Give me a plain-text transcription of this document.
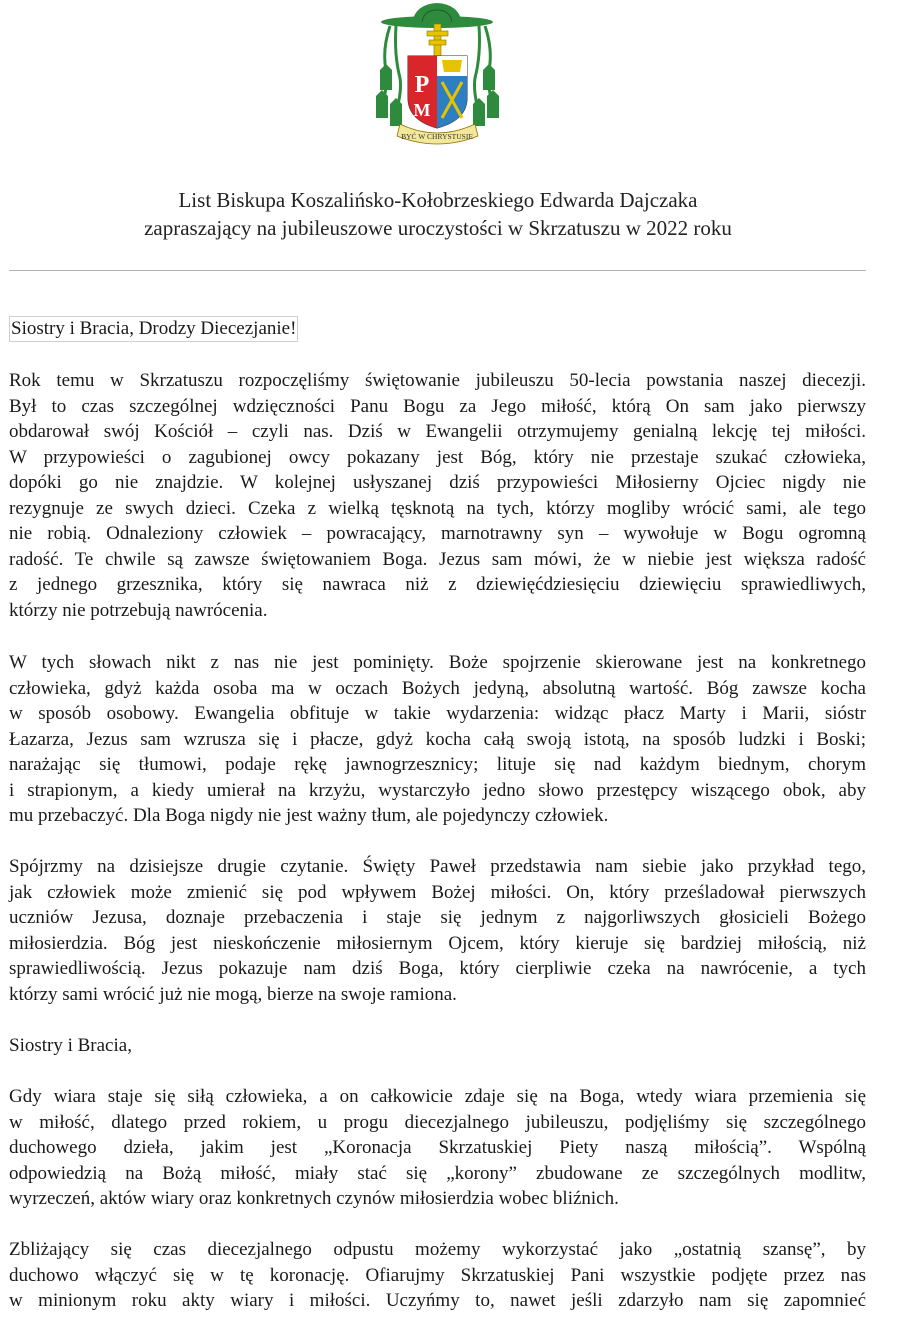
P
M
BYĆ W CHRYSTUSIE
List Biskupa Koszalińsko-Kołobrzeskiego Edwarda Dajczaka
zapraszający na jubileuszowe uroczystości w Skrzatuszu w 2022 roku
Siostry i Bracia, Drodzy Diecezjanie!
Rok temu w Skrzatuszu rozpoczęliśmy świętowanie jubileuszu 50-lecia powstania naszej diecezji.
Był to czas szczególnej wdzięczności Panu Bogu za Jego miłość, którą On sam jako pierwszy
obdarował swój Kościół – czyli nas. Dziś w Ewangelii otrzymujemy genialną lekcję tej miłości.
W przypowieści o zagubionej owcy pokazany jest Bóg, który nie przestaje szukać człowieka,
dopóki go nie znajdzie. W kolejnej usłyszanej dziś przypowieści Miłosierny Ojciec nigdy nie
rezygnuje ze swych dzieci. Czeka z wielką tęsknotą na tych, którzy mogliby wrócić sami, ale tego
nie robią. Odnaleziony człowiek – powracający, marnotrawny syn – wywołuje w Bogu ogromną
radość. Te chwile są zawsze świętowaniem Boga. Jezus sam mówi, że w niebie jest większa radość
z jednego grzesznika, który się nawraca niż z dziewięćdziesięciu dziewięciu sprawiedliwych,
którzy nie potrzebują nawrócenia.
W tych słowach nikt z nas nie jest pominięty. Boże spojrzenie skierowane jest na konkretnego
człowieka, gdyż każda osoba ma w oczach Bożych jedyną, absolutną wartość. Bóg zawsze kocha
w sposób osobowy. Ewangelia obfituje w takie wydarzenia: widząc płacz Marty i Marii, sióstr
Łazarza, Jezus sam wzrusza się i płacze, gdyż kocha całą swoją istotą, na sposób ludzki i Boski;
narażając się tłumowi, podaje rękę jawnogrzesznicy; lituje się nad każdym biednym, chorym
i strapionym, a kiedy umierał na krzyżu, wystarczyło jedno słowo przestępcy wiszącego obok, aby
mu przebaczyć. Dla Boga nigdy nie jest ważny tłum, ale pojedynczy człowiek.
Spójrzmy na dzisiejsze drugie czytanie. Święty Paweł przedstawia nam siebie jako przykład tego,
jak człowiek może zmienić się pod wpływem Bożej miłości. On, który prześladował pierwszych
uczniów Jezusa, doznaje przebaczenia i staje się jednym z najgorliwszych głosicieli Bożego
miłosierdzia. Bóg jest nieskończenie miłosiernym Ojcem, który kieruje się bardziej miłością, niż
sprawiedliwością. Jezus pokazuje nam dziś Boga, który cierpliwie czeka na nawrócenie, a tych
którzy sami wrócić już nie mogą, bierze na swoje ramiona.
Siostry i Bracia,
Gdy wiara staje się siłą człowieka, a on całkowicie zdaje się na Boga, wtedy wiara przemienia się
w miłość, dlatego przed rokiem, u progu diecezjalnego jubileuszu, podjęliśmy się szczególnego
duchowego dzieła, jakim jest „Koronacja Skrzatuskiej Piety naszą miłością”. Wspólną
odpowiedzią na Bożą miłość, miały stać się „korony” zbudowane ze szczególnych modlitw,
wyrzeczeń, aktów wiary oraz konkretnych czynów miłosierdzia wobec bliźnich.
Zbliżający się czas diecezjalnego odpustu możemy wykorzystać jako „ostatnią szansę”, by
duchowo włączyć się w tę koronację. Ofiarujmy Skrzatuskiej Pani wszystkie podjęte przez nas
w minionym roku akty wiary i miłości. Uczyńmy to, nawet jeśli zdarzyło nam się zapomnieć
